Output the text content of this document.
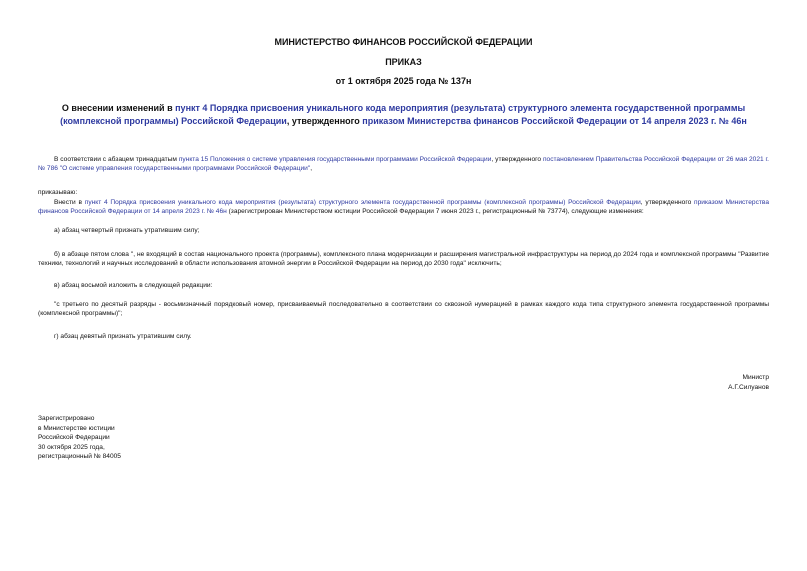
МИНИСТЕРСТВО ФИНАНСОВ РОССИЙСКОЙ ФЕДЕРАЦИИ
ПРИКАЗ
от 1 октября 2025 года № 137н
О внесении изменений в пункт 4 Порядка присвоения уникального кода мероприятия (результата) структурного элемента государственной программы (комплексной программы) Российской Федерации, утвержденного приказом Министерства финансов Российской Федерации от 14 апреля 2023 г. № 46н
В соответствии с абзацем тринадцатым пункта 15 Положения о системе управления государственными программами Российской Федерации, утвержденного постановлением Правительства Российской Федерации от 26 мая 2021 г. № 786 "О системе управления государственными программами Российской Федерации",
приказываю:
Внести в пункт 4 Порядка присвоения уникального кода мероприятия (результата) структурного элемента государственной программы (комплексной программы) Российской Федерации, утвержденного приказом Министерства финансов Российской Федерации от 14 апреля 2023 г. № 46н (зарегистрирован Министерством юстиции Российской Федерации 7 июня 2023 г., регистрационный № 73774), следующие изменения:
а) абзац четвертый признать утратившим силу;
б) в абзаце пятом слова ", не входящий в состав национального проекта (программы), комплексного плана модернизации и расширения магистральной инфраструктуры на период до 2024 года и комплексной программы "Развитие техники, технологий и научных исследований в области использования атомной энергии в Российской Федерации на период до 2030 года" исключить;
в) абзац восьмой изложить в следующей редакции:
"с третьего по десятый разряды - восьмизначный порядковый номер, присваиваемый последовательно в соответствии со сквозной нумерацией в рамках каждого кода типа структурного элемента государственной программы (комплексной программы)";
г) абзац девятый признать утратившим силу.
Министр
А.Г.Силуанов
Зарегистрировано
в Министерстве юстиции
Российской Федерации
30 октября 2025 года,
регистрационный № 84005
